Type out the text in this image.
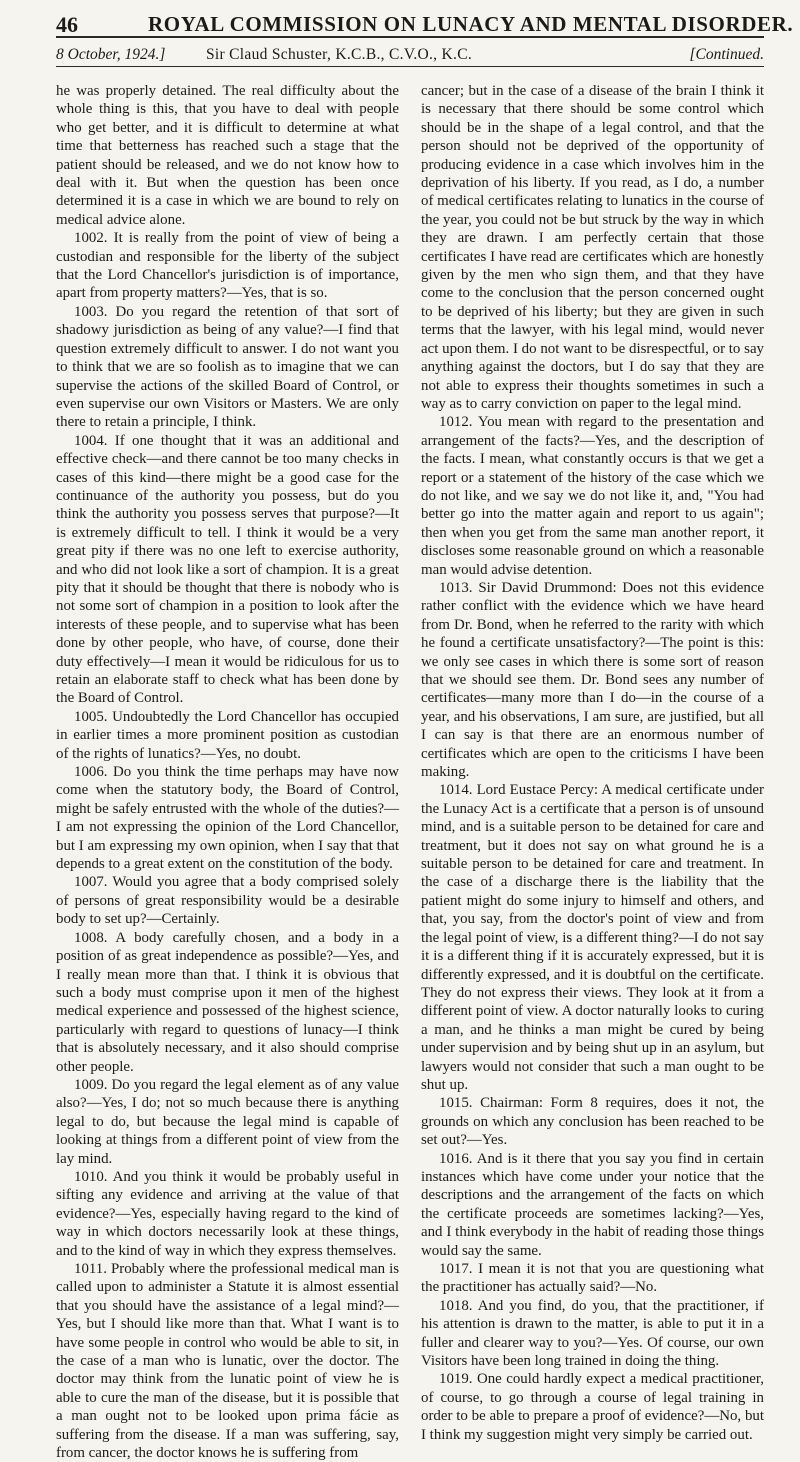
46	ROYAL COMMISSION ON LUNACY AND MENTAL DISORDER.
8 October, 1924.]	Sir Claud Schuster, K.C.B., C.V.O., K.C.	[Continued.

he was properly detained. The real difficulty about the whole thing is this, that you have to deal with people who get better, and it is difficult to determine at what time that betterness has reached such a stage that the patient should be released, and we do not know how to deal with it. But when the question has been once determined it is a case in which we are bound to rely on medical advice alone.

1002. It is really from the point of view of being a custodian and responsible for the liberty of the subject that the Lord Chancellor's jurisdiction is of importance, apart from property matters?—Yes, that is so.

1003. Do you regard the retention of that sort of shadowy jurisdiction as being of any value?—I find that question extremely difficult to answer. I do not want you to think that we are so foolish as to imagine that we can supervise the actions of the skilled Board of Control, or even supervise our own Visitors or Masters. We are only there to retain a principle, I think.

1004. If one thought that it was an additional and effective check—and there cannot be too many checks in cases of this kind—there might be a good case for the continuance of the authority you possess, but do you think the authority you possess serves that purpose?—It is extremely difficult to tell. I think it would be a very great pity if there was no one left to exercise authority, and who did not look like a sort of champion. It is a great pity that it should be thought that there is nobody who is not some sort of champion in a position to look after the interests of these people, and to supervise what has been done by other people, who have, of course, done their duty effectively—I mean it would be ridiculous for us to retain an elaborate staff to check what has been done by the Board of Control.

1005. Undoubtedly the Lord Chancellor has occupied in earlier times a more prominent position as custodian of the rights of lunatics?—Yes, no doubt.

1006. Do you think the time perhaps may have now come when the statutory body, the Board of Control, might be safely entrusted with the whole of the duties?—I am not expressing the opinion of the Lord Chancellor, but I am expressing my own opinion, when I say that that depends to a great extent on the constitution of the body.

1007. Would you agree that a body comprised solely of persons of great responsibility would be a desirable body to set up?—Certainly.

1008. A body carefully chosen, and a body in a position of as great independence as possible?—Yes, and I really mean more than that. I think it is obvious that such a body must comprise upon it men of the highest medical experience and possessed of the highest science, particularly with regard to questions of lunacy—I think that is absolutely necessary, and it also should comprise other people.

1009. Do you regard the legal element as of any value also?—Yes, I do; not so much because there is anything legal to do, but because the legal mind is capable of looking at things from a different point of view from the lay mind.

1010. And you think it would be probably useful in sifting any evidence and arriving at the value of that evidence?—Yes, especially having regard to the kind of way in which doctors necessarily look at these things, and to the kind of way in which they express themselves.

1011. Probably where the professional medical man is called upon to administer a Statute it is almost essential that you should have the assistance of a legal mind?—Yes, but I should like more than that. What I want is to have some people in control who would be able to sit, in the case of a man who is lunatic, over the doctor. The doctor may think from the lunatic point of view he is able to cure the man of the disease, but it is possible that a man ought not to be looked upon prima fácie as suffering from the disease. If a man was suffering, say, from cancer, the doctor knows he is suffering from

cancer; but in the case of a disease of the brain I think it is necessary that there should be some control which should be in the shape of a legal control, and that the person should not be deprived of the opportunity of producing evidence in a case which involves him in the deprivation of his liberty. If you read, as I do, a number of medical certificates relating to lunatics in the course of the year, you could not be but struck by the way in which they are drawn. I am perfectly certain that those certificates I have read are certificates which are honestly given by the men who sign them, and that they have come to the conclusion that the person concerned ought to be deprived of his liberty; but they are given in such terms that the lawyer, with his legal mind, would never act upon them. I do not want to be disrespectful, or to say anything against the doctors, but I do say that they are not able to express their thoughts sometimes in such a way as to carry conviction on paper to the legal mind.

1012. You mean with regard to the presentation and arrangement of the facts?—Yes, and the description of the facts. I mean, what constantly occurs is that we get a report or a statement of the history of the case which we do not like, and we say we do not like it, and, "You had better go into the matter again and report to us again"; then when you get from the same man another report, it discloses some reasonable ground on which a reasonable man would advise detention.

1013. Sir David Drummond: Does not this evidence rather conflict with the evidence which we have heard from Dr. Bond, when he referred to the rarity with which he found a certificate unsatisfactory?—The point is this: we only see cases in which there is some sort of reason that we should see them. Dr. Bond sees any number of certificates—many more than I do—in the course of a year, and his observations, I am sure, are justified, but all I can say is that there are an enormous number of certificates which are open to the criticisms I have been making.

1014. Lord Eustace Percy: A medical certificate under the Lunacy Act is a certificate that a person is of unsound mind, and is a suitable person to be detained for care and treatment, but it does not say on what ground he is a suitable person to be detained for care and treatment. In the case of a discharge there is the liability that the patient might do some injury to himself and others, and that, you say, from the doctor's point of view and from the legal point of view, is a different thing?—I do not say it is a different thing if it is accurately expressed, but it is differently expressed, and it is doubtful on the certificate. They do not express their views. They look at it from a different point of view. A doctor naturally looks to curing a man, and he thinks a man might be cured by being under supervision and by being shut up in an asylum, but lawyers would not consider that such a man ought to be shut up.

1015. Chairman: Form 8 requires, does it not, the grounds on which any conclusion has been reached to be set out?—Yes.

1016. And is it there that you say you find in certain instances which have come under your notice that the descriptions and the arrangement of the facts on which the certificate proceeds are sometimes lacking?—Yes, and I think everybody in the habit of reading those things would say the same.

1017. I mean it is not that you are questioning what the practitioner has actually said?—No.

1018. And you find, do you, that the practitioner, if his attention is drawn to the matter, is able to put it in a fuller and clearer way to you?—Yes. Of course, our own Visitors have been long trained in doing the thing.

1019. One could hardly expect a medical practitioner, of course, to go through a course of legal training in order to be able to prepare a proof of evidence?—No, but I think my suggestion might very simply be carried out.
